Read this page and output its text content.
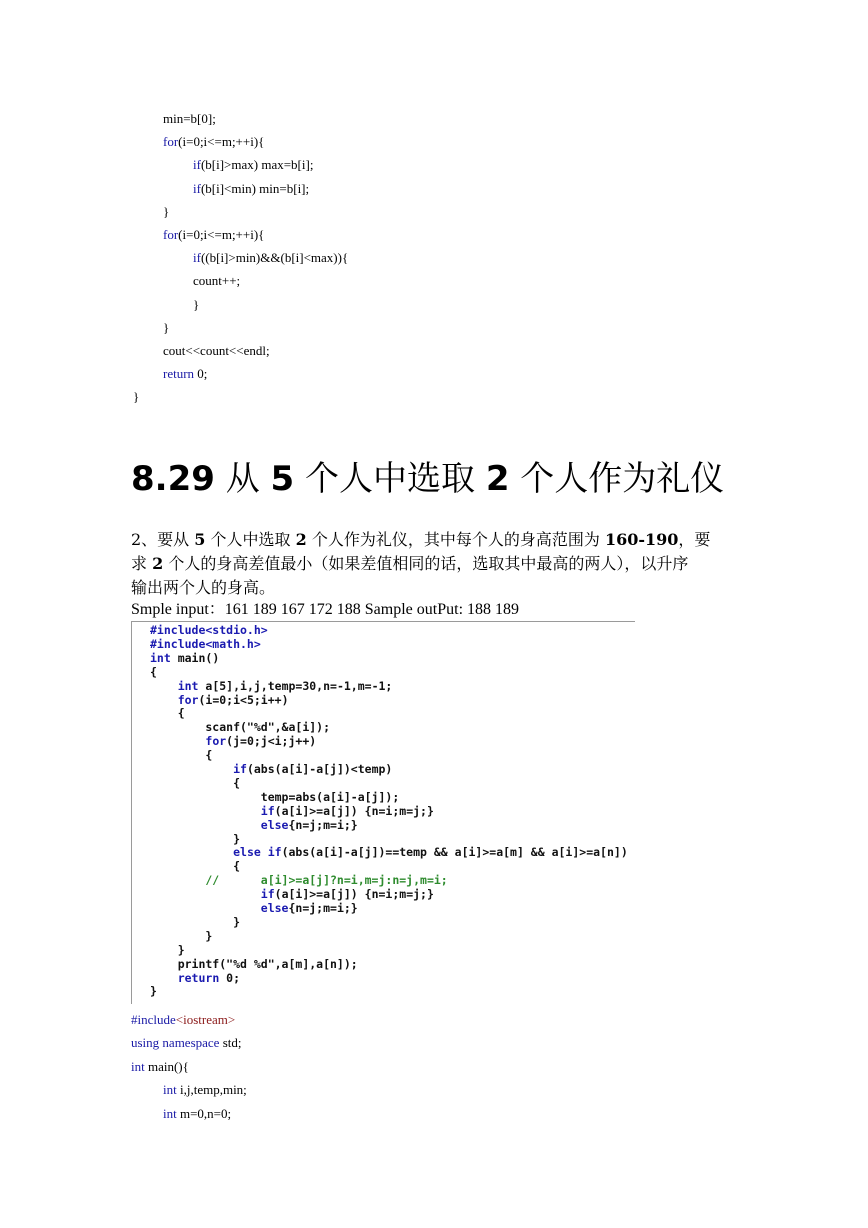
min=b[0];
for(i=0;i<=m;++i){
if(b[i]>max) max=b[i];
if(b[i]<min) min=b[i];
}
for(i=0;i<=m;++i){
if((b[i]>min)&&(b[i]<max)){
count++;
}
}
cout<<count<<endl;
return 0;
}
8.29 从 5 个人中选取 2 个人作为礼仪
2、要从 5 个人中选取 2 个人作为礼仪，其中每个人的身高范围为 160-190，要
求 2 个人的身高差值最小（如果差值相同的话，选取其中最高的两人），以升序
输出两个人的身高。
Smple input：161 189 167 172 188 Sample outPut: 188 189
#include<stdio.h>
#include<math.h>
int main()
{
int a[5],i,j,temp=30,n=-1,m=-1;
for(i=0;i<5;i++)
{
scanf("%d",&a[i]);
for(j=0;j<i;j++)
{
if(abs(a[i]-a[j])<temp)
{
temp=abs(a[i]-a[j]);
if(a[i]>=a[j]) {n=i;m=j;}
else{n=j;m=i;}
}
else if(abs(a[i]-a[j])==temp && a[i]>=a[m] && a[i]>=a[n])
{
//      a[i]>=a[j]?n=i,m=j:n=j,m=i;
if(a[i]>=a[j]) {n=i;m=j;}
else{n=j;m=i;}
}
}
}
printf("%d %d",a[m],a[n]);
return 0;
}
#include<iostream>
using namespace std;
int main(){
int i,j,temp,min;
int m=0,n=0;
